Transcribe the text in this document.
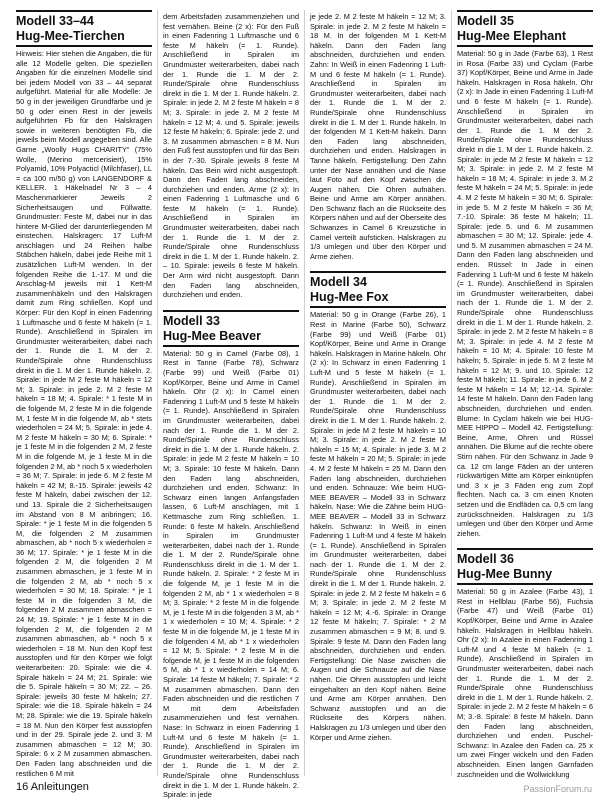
Modell 33–44
Hug-Mee-Tierchen
Hinweis: Hier stehen die Angaben, die für alle 12 Modelle gelten. Die speziellen Angaben für die einzelnen Modelle sind bei jedem Modell von 33 – 44 separat aufgeführt. Material für alle Modelle: Je 50 g in der jeweiligen Grundfarbe und je 50 g oder einen Rest in der jeweils aufgeführten Fb für den Halskragen sowie in weiteren benötigten Fb, die jeweils beim Modell angegeben sind. Alle Garne „Woolly Hugs CHARITY“ (75% Wolle, (Merino mercerisiert), 15% Polyamid, 10% Polyacticl (Milchfaser), LL = ca 100 m/50 g) von LANGENDORF & KELLER. 1 Häkelnadel Nr 3 – 4 Maschenmarkierer Jeweils 2 Sicherheitsaugen und Füllwatte. Grundmuster: Feste M, dabei nur in das hintere M-Glied der darunterliegenden M einstechen. Halskragen: 17 Luft-M anschlagen und 24 Reihen halbe Stäbchen häkeln, dabei jede Reihe mit 1 zusätzlichen Luft-M wenden. In der folgenden Reihe die 1.-17. M und die Anschlag-M jeweils mit 1 Kett-M zusammenhäkeln und den Halskragen damit zum Ring schließen. Kopf und Körper: Für den Kopf in einen Fadenring 1 Luftmasche und 6 feste M häkeln (= 1. Runde). Anschließend in Spiralen im Grundmuster weiterarbeiten, dabei nach der 1. Runde die 1. M der 2. Runde/Spirale ohne Rundenschluss direkt in die 1. M der 1. Runde häkeln. 2. Spirale: in jede M 2 feste M häkeln = 12 M; 3. Spirale: in jede 2. M 2 feste M häkeln = 18 M; 4. Spirale: * 1 feste M in die folgende M, 2 feste M in die folgende M, 1 feste M in die folgende M, ab * stets wiederholen = 24 M; 5. Spirale: in jede 4. M 2 feste M häkeln = 30 M; 6. Spirale: * je 1 feste M in die folgenden 2 M, 2 feste M in die folgende M, je 1 feste M in die folgenden 2 M, ab * noch 5 x wiederholen = 36 M; 7. Spirale: in jede 6. M 2 feste M häkeln = 42 M; 8.-15. Spirale: jeweils 42 feste M häkeln, dabei zwischen der 12. und 13. Spirale die 2 Sicherheitsaugen im Abstand von 8 M anbringen; 16. Spirale: * je 1 feste M in die folgenden 5 M, die folgenden 2 M zusammen abmaschen, ab * noch 5 x wiederholen = 36 M; 17. Spirale: * je 1 feste M in die folgenden 2 M, die folgenden 2 M zusammen abmaschen, je 1 feste M in die folgenden 2 M, ab * noch 5 x wiederholen = 30 M; 18. Spirale: * je 1 feste M in die folgenden 3 M, die folgenden 2 M zusammen abmaschen = 24 M; 19. Spirale: * je 1 feste M in die folgenden 2 M, die folgenden 2 M zusammen abmaschen, ab * noch 5 x wiederholen = 18 M. Nun den Kopf fest ausstopfen und für den Körper wie folgt weiterarbeiten: 20. Spirale: wie die 4. Spirale häkeln = 24 M; 21. Spirale: wie die 5. Spirale häkeln = 30 M; 22. – 26. Spirale: jeweils 30 feste M häkeln; 27. Spirale: wie die 18. Spirale häkeln = 24 M; 28. Spirale: wie die 19. Spirale häkeln = 18 M. Nun den Körper fest ausstopfen und in der 29. Spirale jede 2. und 3. M zusammen abmaschen = 12 M; 30. Spirale: 6 x 2 M zusammen abmaschen. Den Faden lang abschneiden und die restlichen 6 M mit
dem Arbeitsfaden zusammenziehen und fest vernähen. Beine (2 x): Für den Fuß in einen Fadenring 1 Luftmasche und 6 feste M häkeln (= 1. Runde). Anschließend in Spiralen im Grundmuster weiterarbeiten, dabei nach der 1. Runde die 1. M der 2. Runde/Spirale ohne Rundenschluss direkt in die 1. M der 1. Runde häkeln. 2. Spirale: in jede 2. M 2 feste M häkeln = 8 M; 3. Spirale: in jede 2. M 2 feste M häkeln = 12 M; 4. und 5. Spirale: jeweils 12 feste M häkeln; 6. Spirale: jede 2. und 3. M zusammen abmaschen = 8 M. Nun den Fuß fest ausstopfen und für das Bein in der 7.-30. Spirale jeweils 8 feste M häkeln. Das Bein wird nicht ausgestopft. Dann den Faden lang abschneiden, durchziehen und enden. Arme (2 x): In einen Fadenring 1 Luftmasche und 6 feste M häkeln (= 1. Runde). Anschließend in Spiralen im Grundmuster weiterarbeiten, dabei nach der 1. Runde die 1. M der 2. Runde/Spirale ohne Rundenschluss direkt in die 1. M der 1. Runde häkeln. 2. – 10. Spirale: jeweils 6 feste M häkeln. Der Arm wird nicht ausgestopft. Dann den Faden lang abschneiden, durchziehen und enden.
Modell 33
Hug-Mee Beaver
Material: 50 g in Camel (Farbe 08), 1 Rest in Tanne (Farbe 78), Schwarz (Farbe 99) und Weiß (Farbe 01) Kopf/Körper, Beine und Arme in Camel häkeln. Ohr (2 x): In Camel einen Fadenring 1 Luft-M und 5 feste M häkeln (= 1. Runde). Anschließend in Spiralen im Grundmuster weiterarbeiten, dabei nach der 1. Runde die 1. M der 2. Runde/Spirale ohne Rundenschluss direkt in die 1. M der 1. Runde häkeln. 2. Spirale: in jede M 2 feste M häkeln = 10 M; 3. Spirale: 10 feste M häkeln. Dann den Faden lang abschneiden, durchziehen und enden. Schwanz: In Schwarz einen langen Anfangsfaden lassen, 6 Luft-M anschlagen, mit 1 Kettmasche zum Ring schließen. 1. Runde: 6 feste M häkeln. Anschließend in Spiralen im Grundmuster weiterarbeiten, dabei nach der 1. Runde die 1. M der 2. Runde/Spirale ohne Rundenschluss direkt in die 1. M der 1. Runde häkeln. 2. Spirale: * 2 feste M in die folgende M, je 1 feste M in die folgenden 2 M, ab * 1 x wiederholen = 8 M; 3. Spirale: * 2 feste M in die folgende M, je 1 feste M in die folgenden 3 M, ab * 1 x wiederholen = 10 M; 4. Spirale: * 2 feste M in die folgende M, je 1 feste M in die folgenden 4 M, ab * 1 x wiederholen = 12 M; 5. Spirale: * 2 feste M in die folgende M, je 1 feste M in die folgenden 5 M, ab * 1 x wiederholen = 14 M; 6. Spirale: 14 feste M häkeln; 7. Spirale: * 2 M zusammen abmaschen. Dann den Faden abschneiden und die restlichen 7 M mit dem Arbeitsfaden zusammenziehen und fest vernähen. Nase: In Schwarz in einen Fadenring 1 Luft-M und 6 feste M häkeln (= 1. Runde). Anschließend in Spiralen im Grundmuster weiterarbeiten, dabei nach der 1. Runde die 1. M der 2. Runde/Spirale ohne Rundenschluss direkt in die 1. M der 1. Runde häkeln. 2. Spirale: in jede
je jede 2. M 2 feste M häkeln = 12 M; 3. Spirale: in jede 2. M 2 feste M häkeln = 18 M. In der folgenden M 1 Kett-M häkeln. Dann den Faden lang abschneiden, durchziehen und enden. Zahn: In Weiß in einen Fadenring 1 Luft-M und 6 feste M häkeln (= 1. Runde). Anschließend in Spiralen im Grundmuster weiterarbeiten, dabei nach der 1. Runde die 1. M der 2. Runde/Spirale ohne Rundenschluss direkt in die 1. M der 1. Runde häkeln. In der folgenden M 1 Kett-M häkeln. Dann den Faden lang abschneiden, durchziehen und enden. Halskragen in Tanne häkeln. Fertigstellung: Den Zahn unter der Nase annähen und die Nase laut Foto auf den Kopf zwischen die Augen nähen. Die Ohren aufnähen. Beine und Arme am Körper annähen. Den Schwanz flach an die Rückseite des Körpers nähen und auf der Oberseite des Schwanzes in Camel 6 Kreuzstiche in Camel verteilt aufsticken. Halskragen zu 1/3 umlegen und über den Körper und Arme ziehen.
Modell 34
Hug-Mee Fox
Material: 50 g in Orange (Farbe 26), 1 Rest in Marine (Farbe 50), Schwarz (Farbe 99) und Weiß (Farbe 01) Kopf/Körper, Beine und Arme in Orange häkeln. Halskragen in Marine häkeln. Ohr (2 x): In Schwarz in einen Fadenring 1 Luft-M und 5 feste M häkeln (= 1. Runde). Anschließend in Spiralen im Grundmuster weiterarbeiten, dabei nach der 1. Runde die 1. M der 2. Runde/Spirale ohne Rundenschluss direkt in die 1. M der 1. Runde häkeln. 2. Spirale: in jede M 2 feste M häkeln = 10 M; 3. Spirale: in jede 2. M 2 feste M häkeln = 15 M; 4. Spirale: in jede 3. M 2 feste M häkeln = 20 M; 5. Spirale: in jede 4. M 2 feste M häkeln = 25 M. Dann den Faden lang abschneiden, durchziehen und enden. Schnauze: Wie beim HUG-MEE BEAVER – Modell 33 in Schwarz häkeln. Nase: Wie die Zähne beim HUG-MEE BEAVER – Modell 33 in Schwarz häkeln. Schwanz: In Weiß in einen Fadenring 1 Luft-M und 4 feste M häkeln (= 1. Runde). Anschließend in Spiralen im Grundmuster weiterarbeiten, dabei nach der 1. Runde die 1. M der 2. Runde/Spirale ohne Rundenschluss direkt in die 1. M der 1. Runde häkeln. 2. Spirale: in jede 2. M 2 feste M häkeln = 6 M; 3. Spirale: in jede 2. M 2 feste M häkeln = 12 M; 4.-6. Spirale: in Orange 12 feste M häkeln; 7. Spirale: * 2 M zusammen abmaschen = 9 M; 8. und 9. Spirale: 9 feste M. Dann den Faden lang abschneiden, durchziehen und enden. Fertigstellung: Die Nase zwischen die Augen und die Schnauze auf die Nase nähen. Die Ohren ausstopfen und leicht eingehalten an den Kopf nähen. Beine und Arme am Körper annähen. Den Schwanz ausstopfen und an die Rückseite des Körpers nähen. Halskragen zu 1/3 umlegen und über den Körper und Arme ziehen.
Modell 35
Hug-Mee Elephant
Material: 50 g in Jade (Farbe 63), 1 Rest in Rosa (Farbe 33) und Cyclam (Farbe 37) Kopf/Körper, Beine und Arme in Jade häkeln. Halskragen in Rosa häkeln. Ohr (2 x): In Jade in einen Fadenring 1 Luft-M und 6 feste M häkeln (= 1. Runde). Anschließend in Spiralen im Grundmuster weiterarbeiten, dabei nach der 1. Runde die 1. M der 2. Runde/Spirale ohne Rundenschluss direkt in die 1. M der 1. Runde häkeln. 2. Spirale: in jede M 2 feste M häkeln = 12 M; 3. Spirale: in jede 2. M 2 feste M häkeln = 18 M; 4. Spirale: in jede 3. M 2 feste M häkeln = 24 M; 5. Spirale: in jede 4. M 2 feste M häkeln = 30 M; 6. Spirale: in jede 5. M 2 feste M häkeln = 36 M; 7.-10. Spirale: 36 feste M häkeln; 11. Spirale: jede 5. und 6. M zusammen abmaschen = 30 M; 12. Spirale: jede 4. und 5. M zusammen abmaschen = 24 M. Dann den Faden lang abschneiden und enden. Rüssel: In Jade in einen Fadenring 1 Luft-M und 6 feste M häkeln (= 1. Runde). Anschließend in Spiralen im Grundmuster weiterarbeiten, dabei nach der 1. Runde die 1. M der 2. Runde/Spirale ohne Rundenschluss direkt in die 1. M der 1. Runde häkeln. 2. Spirale: in jede 2. M 2 feste M häkeln = 8 M; 3. Spirale: in jede 4. M 2 feste M häkeln = 10 M; 4. Spirale: 10 feste M häkeln; 5. Spirale: in jede 5. M 2 feste M häkeln = 12 M; 9. und 10. Spirale: 12 feste M häkeln; 11. Spirale: in jede 6. M 2 feste M häkeln = 14 M; 12.-14. Spirale: 14 feste M häkeln. Dann den Faden lang abschneiden, durchziehen und enden. Blume: In Cyclam häkeln wie bei HUG-MEE HIPPO – Modell 42. Fertigstellung: Beine, Arme, Ohren und Rüssel annähen. Die Blume auf die rechte obere Stirn nähen. Für den Schwanz in Jade 9 ca. 12 cm lange Fäden an der unteren rückwärtigen Mitte am Körper einknüpfen und 3 x je 3 Fäden eng zum Zopf flechten. Nach ca. 3 cm einen Knoten setzen und die Endfäden ca. 0,5 cm lang zurückschneiden. Halskragen zu 1/3 umlegen und über den Körper und Arme ziehen.
Modell 36
Hug-Mee Bunny
Material: 50 g in Azalee (Farbe 43), 1 Rest in Hellblau (Farbe 56), Fuchsia (Farbe 47) und Weiß (Farbe 01) Kopf/Körper, Beine und Arme in Azalee häkeln. Halskragen in Hellblau häkeln. Ohr (2 x): In Azalee in einen Fadenring 1 Luft-M und 4 feste M häkeln (= 1. Runde). Anschließend in Spiralen im Grundmuster weiterarbeiten, dabei nach der 1. Runde die 1. M der 2. Runde/Spirale ohne Rundenschluss direkt in die 1. M der 1. Runde häkeln. 2. Spirale: in jede 2. M 2 feste M häkeln = 6 M; 3.-8. Spirale: 8 feste M häkeln. Dann den Faden lang abschneiden, durchziehen und enden. Puschel-Schwanz: In Azalee den Faden ca. 25 x um zwei Finger wickeln und den Faden abschneiden. Einen langen Garnfaden zuschneiden und die Wollwicklung
16 Anleitungen	PassionForum.ru
